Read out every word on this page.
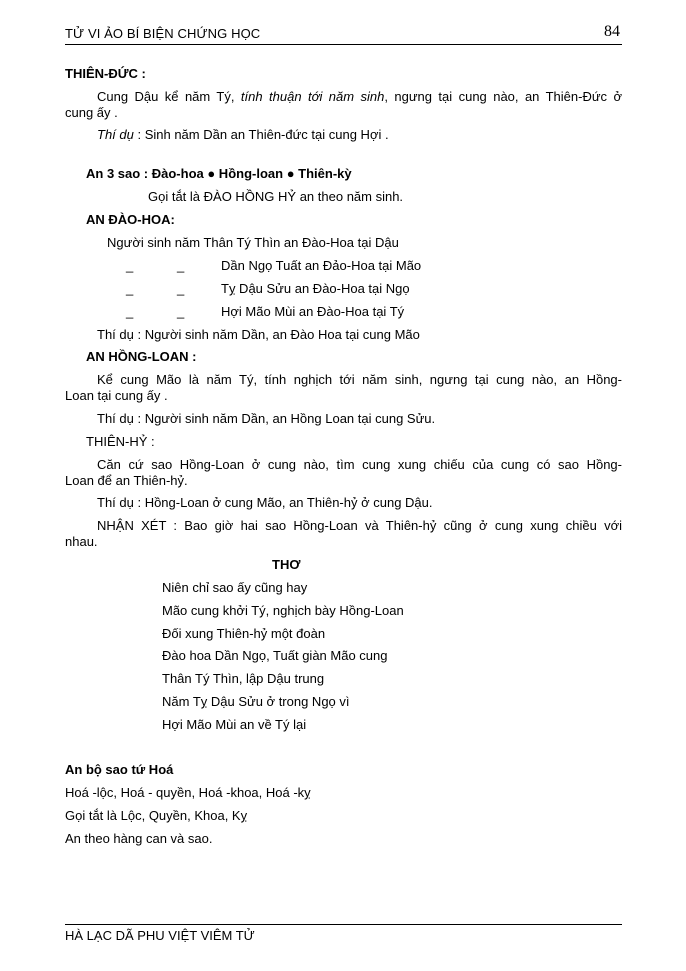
TỬ VI ẢO BÍ BIỆN CHỨNG HỌC	84
THIÊN-ĐỨC :
Cung Dậu kể năm Tý, tính thuận tới năm sinh, ngưng tại cung nào, an Thiên-Đức ở
cung ấy .
Thí dụ : Sinh năm Dần an Thiên-đức tại cung Hợi .
An 3 sao : Đào-hoa ● Hồng-loan ● Thiên-kỳ
Gọi tắt là ĐÀO HỒNG HỶ an theo năm sinh.
AN ĐÀO-HOA:
Người sinh năm Thân Tý Thìn an Đào-Hoa tại Dậu
_	_	Dần Ngọ Tuất an Đảo-Hoa tại Mão
_	_	Tỵ Dậu Sửu an Đào-Hoa tại Ngọ
_	_	Hợi Mão Mùi an Đào-Hoa tại Tý
Thí dụ : Người sinh năm Dần, an Đào Hoa tại cung Mão
AN HỒNG-LOAN :
Kể cung Mão là năm Tý, tính nghịch tới năm sinh, ngưng tại cung nào, an Hồng-
Loan tại cung ấy .
Thí dụ : Người sinh năm Dần, an Hồng Loan tại cung Sửu.
THIÊN-HỶ :
Căn cứ sao Hồng-Loan ở cung nào, tìm cung xung chiếu của cung có sao Hồng-
Loan để an Thiên-hỷ.
Thí dụ : Hồng-Loan ở cung Mão, an Thiên-hỷ ở cung Dậu.
NHẬN XÉT : Bao giờ hai sao Hồng-Loan và Thiên-hỷ cũng ở cung xung chiều với
nhau.
THƠ
Niên chỉ sao ấy cũng hay
Mão cung khởi Tý, nghịch bày Hồng-Loan
Đối xung Thiên-hỷ một đoàn
Đào hoa Dần Ngọ, Tuất giàn Mão cung
Thân Tý Thìn, lập Dậu trung
Năm Tỵ Dậu Sửu ở trong Ngọ vì
Hợi Mão Mùi an về Tý lại
An bộ sao tứ Hoá
Hoá -lộc, Hoá - quyền, Hoá -khoa, Hoá -kỵ
Gọi tắt là Lộc, Quyền, Khoa, Kỵ
An theo hàng can và sao.
HÀ LẠC DÃ PHU VIỆT VIÊM TỬ
